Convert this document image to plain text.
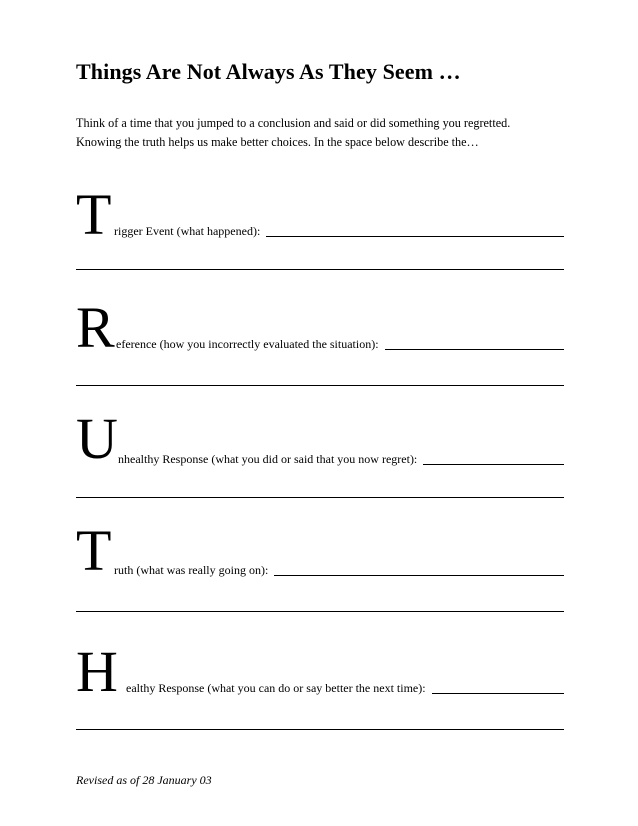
Things Are Not Always As They Seem …
Think of a time that you jumped to a conclusion and said or did something you regretted.
Knowing the truth helps us make better choices. In the space below describe the…
T rigger Event (what happened):
R eference (how you incorrectly evaluated the situation):
U nhealthy Response (what you did or said that you now regret):
T ruth (what was really going on):
H ealthy Response (what you can do or say better the next time):
Revised as of 28 January 03
